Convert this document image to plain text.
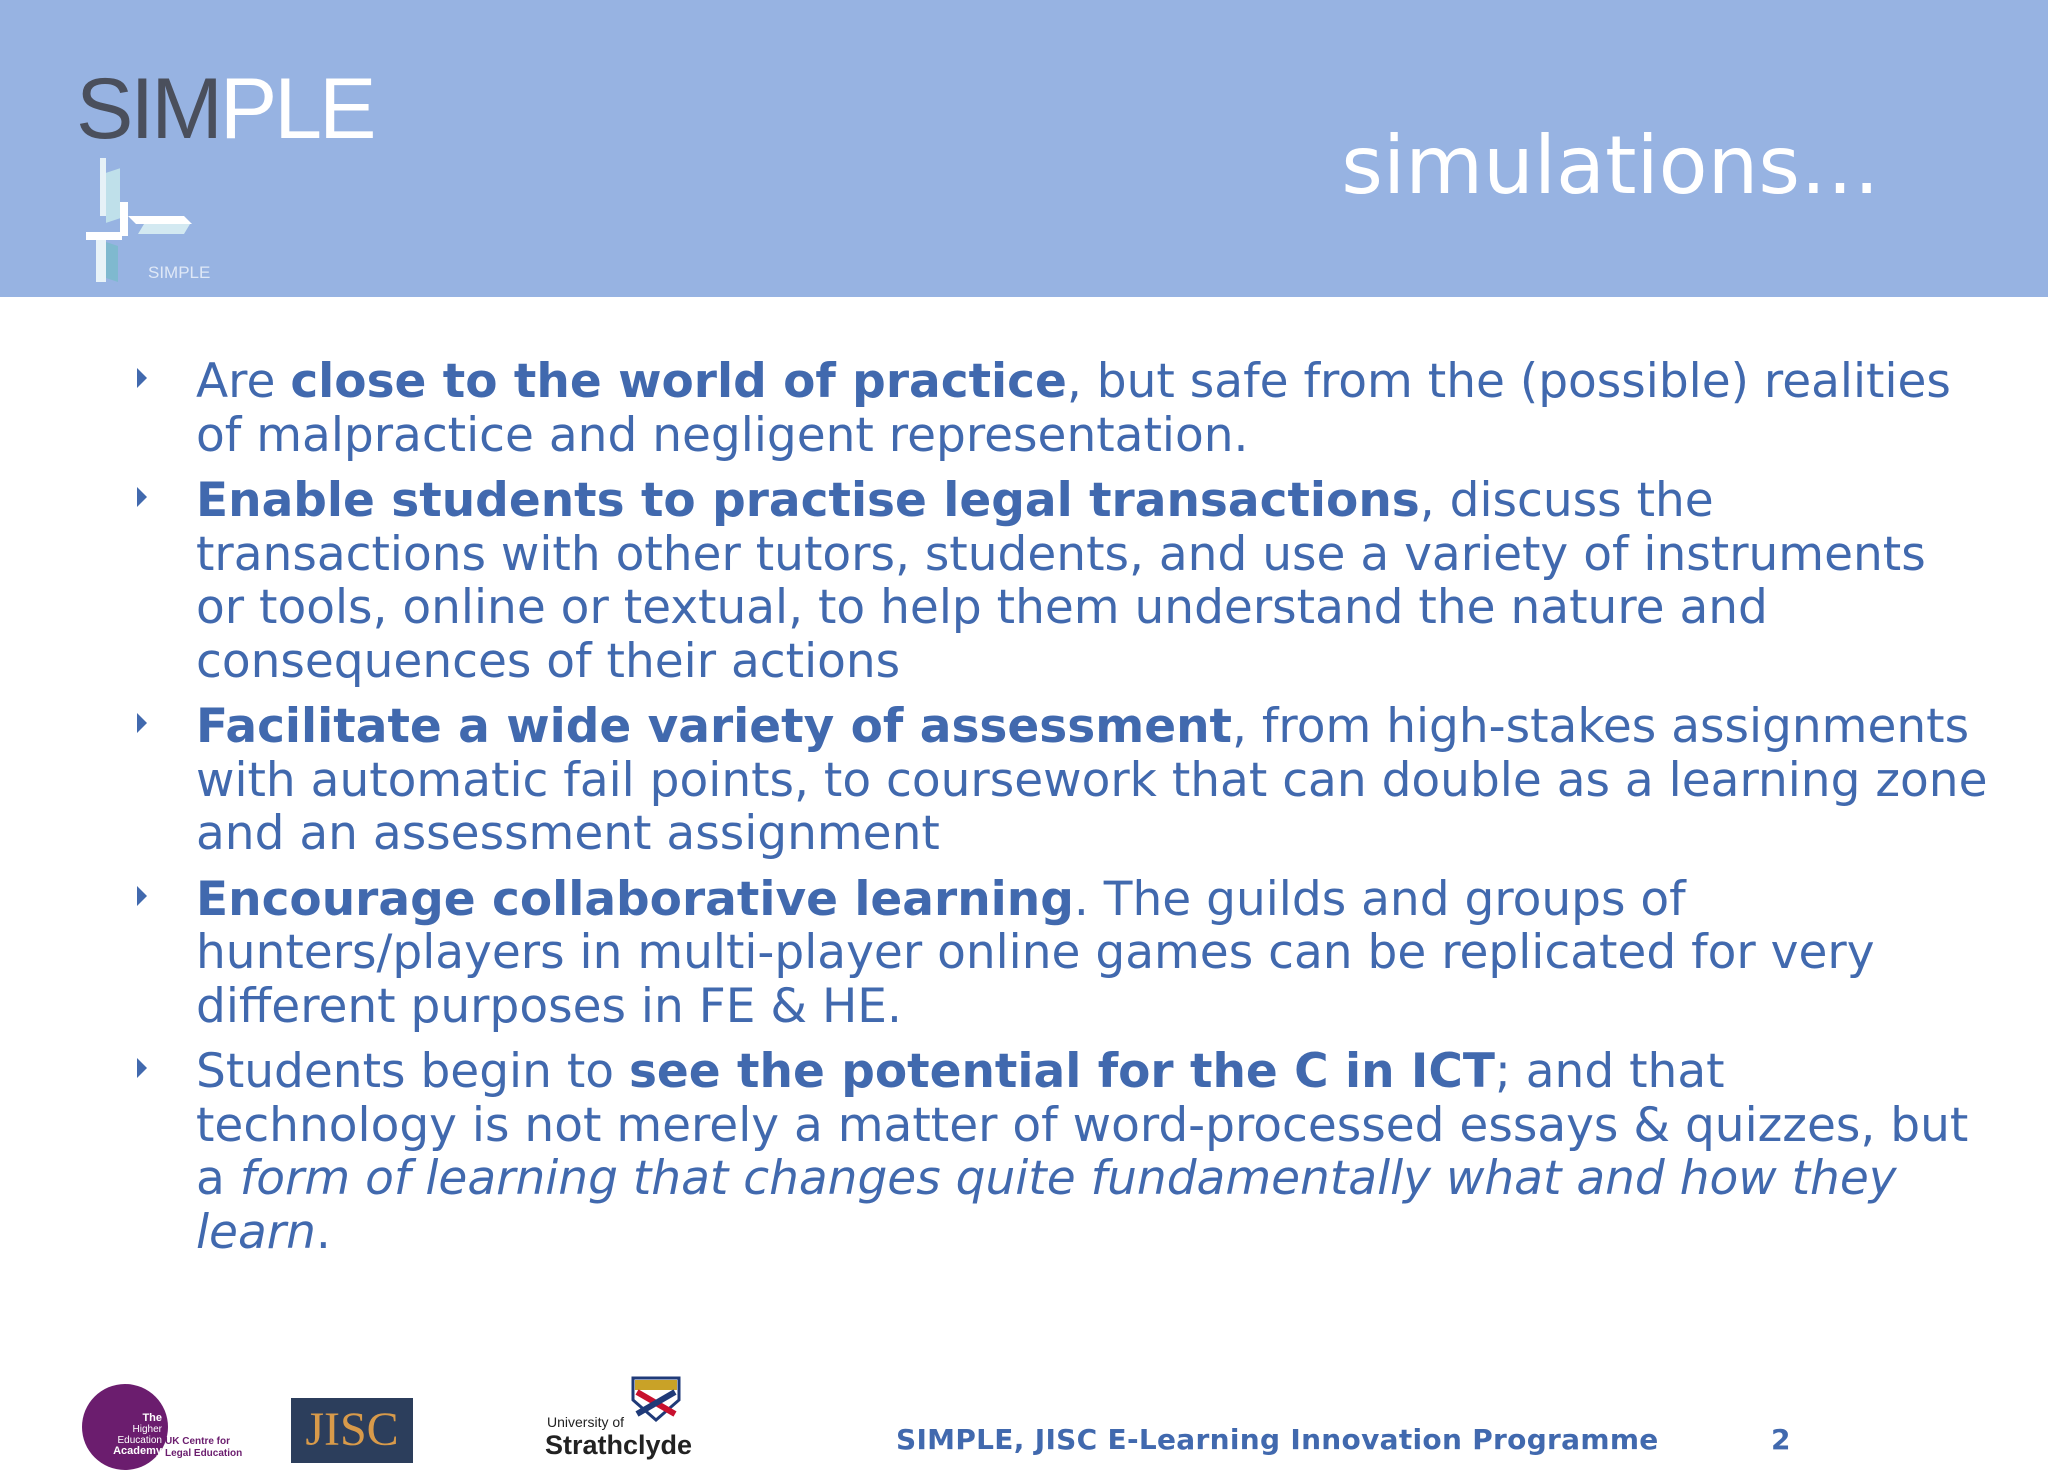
SIMPLE
SIMPLE
simulations…
Are close to the world of practice, but safe from the (possible) realities of malpractice and negligent representation.
Enable students to practise legal transactions, discuss the transactions with other tutors, students, and use a variety of instruments or tools, online or textual, to help them understand the nature and consequences of their actions
Facilitate a wide variety of assessment, from high-stakes assignments with automatic fail points, to coursework that can double as a learning zone and an assessment assignment
Encourage collaborative learning. The guilds and groups of hunters/players in multi-player online games can be replicated for very different purposes in FE & HE.
Students begin to see the potential for the C in ICT; and that technology is not merely a matter of word-processed essays & quizzes, but a form of learning that changes quite fundamentally what and how they learn.
The
Higher
Education
Academy
UK Centre for
Legal Education JISC	University of
Strathclyde	SIMPLE, JISC E-Learning Innovation Programme	2
